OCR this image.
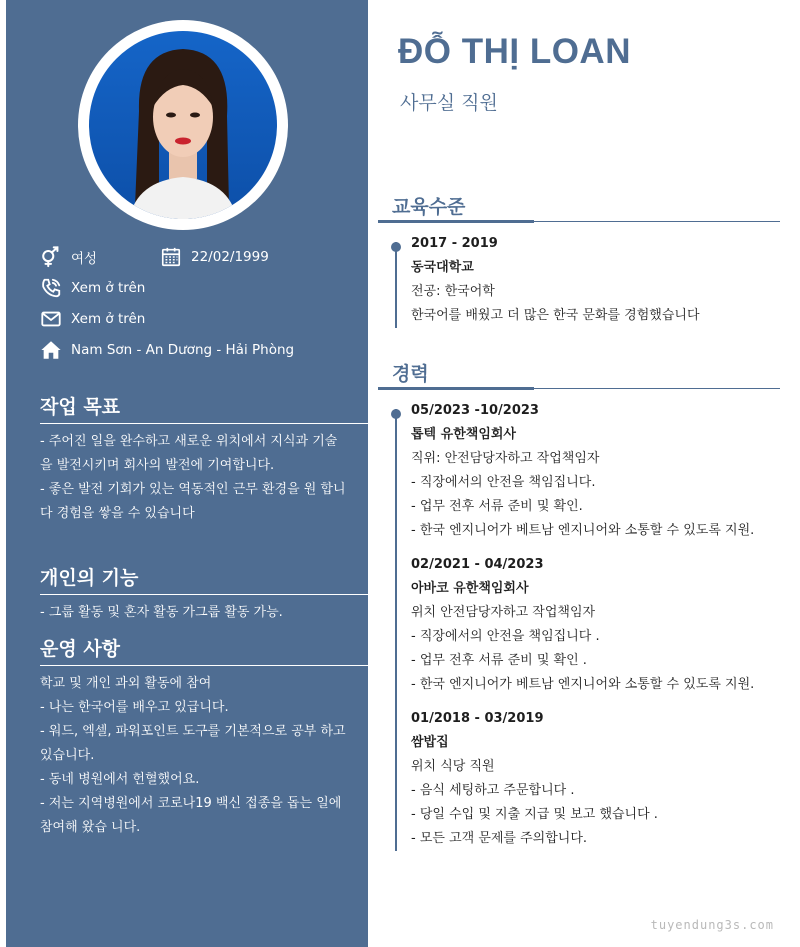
여성	22/02/1999
Xem ở trên
Xem ở trên
Nam Sơn - An Dương - Hải Phòng
작업 목표
- 주어진 일을 완수하고 새로운 위치에서 지식과 기술을 발전시키며 회사의 발전에 기여합니다.
- 좋은 발전 기회가 있는 역동적인 근무 환경을 원 합니다 경험을 쌓을 수 있습니다
개인의 기능
- 그룹 활동 및 혼자 활동 가그룹 활동 가능.
운영 사항
학교 및 개인 과외 활동에 참여
- 나는 한국어를 배우고 있급니다.
- 워드, 엑셀, 파워포인트 도구를 기본적으로 공부 하고 있습니다.
- 동네 병원에서 헌혈했어요.
- 저는 지역병원에서 코로나19 백신 접종을 돕는 일에참여해 왔습 니다.
ĐỖ THỊ LOAN
사무실 직원
교육수준
2017 - 2019
동국대학교
전공: 한국어학
한국어를 배웠고 더 많은 한국 문화를 경험했습니다
경력
05/2023 -10/2023
톱텍 유한책임회사
직위: 안전담당자하고 작업책임자
- 직장에서의 안전을 책임집니다.
- 업무 전후 서류 준비 및 확인.
- 한국 엔지니어가 베트남 엔지니어와 소통할 수 있도록 지원.
02/2021 - 04/2023
아바코 유한책임회사
위치 안전담당자하고 작업책임자
- 직장에서의 안전을 책임집니다 .
- 업무 전후 서류 준비 및 확인 .
- 한국 엔지니어가 베트남 엔지니어와 소통할 수 있도록 지원.
01/2018 - 03/2019
쌈밥집
위치 식당 직원
- 음식 세팅하고 주문합니다 .
- 당일 수입 및 지출 지급 및 보고 했습니다 .
- 모든 고객 문제를 주의합니다.
tuyendung3s.com
